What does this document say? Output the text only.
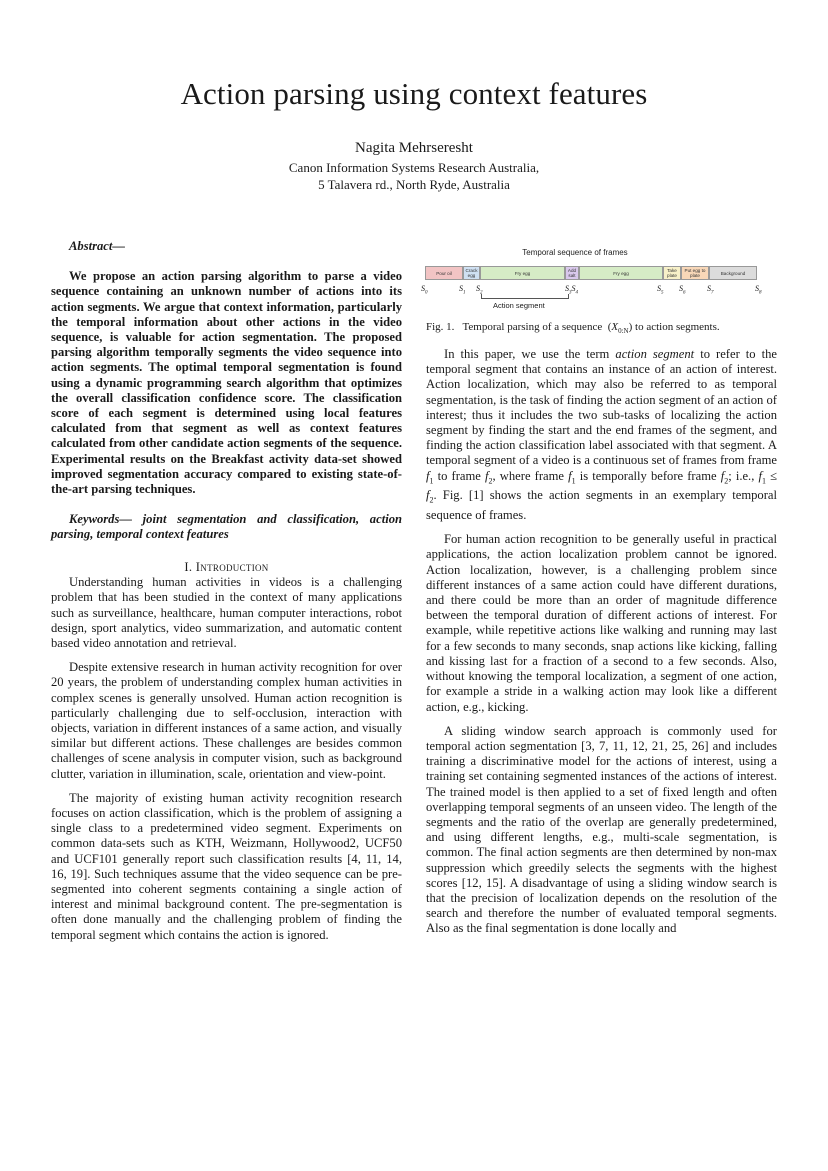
Action parsing using context features
Nagita Mehrseresht
Canon Information Systems Research Australia,
5 Talavera rd., North Ryde, Australia
Abstract—

We propose an action parsing algorithm to parse a video sequence containing an unknown number of actions into its action segments. We argue that context information, particularly the temporal information about other actions in the video sequence, is valuable for action segmentation. The proposed parsing algorithm temporally segments the video sequence into action segments. The optimal temporal segmentation is found using a dynamic programming search algorithm that optimizes the overall classification confidence score. The classification score of each segment is determined using local features calculated from that segment as well as context features calculated from other candidate action segments of the sequence. Experimental results on the Breakfast activity data-set showed improved segmentation accuracy compared to existing state-of-the-art parsing techniques.

Keywords— joint segmentation and classification, action parsing, temporal context features

I. Introduction

Understanding human activities in videos is a challenging problem that has been studied in the context of many applications such as surveillance, healthcare, human computer interactions, robot design, sport analytics, video summarization, and automatic content based video annotation and retrieval.

Despite extensive research in human activity recognition for over 20 years, the problem of understanding complex human activities in complex scenes is generally unsolved. Human action recognition is particularly challenging due to self-occlusion, interaction with objects, variation in different instances of a same action, and visually similar but different actions. These challenges are besides common challenges of scene analysis in computer vision, such as background clutter, variation in illumination, scale, orientation and view-point.

The majority of existing human activity recognition research focuses on action classification, which is the problem of assigning a single class to a predetermined video segment. Experiments on common data-sets such as KTH, Weizmann, Hollywood2, UCF50 and UCF101 generally report such classification results [4, 11, 14, 16, 19]. Such techniques assume that the video sequence can be pre-segmented into coherent segments containing a single action of interest and minimal background content. The pre-segmentation is often done manually and the challenging problem of finding the temporal segment which contains the action is ignored.

Temporal sequence of frames
Pour oil	Crack egg	Fry egg	Add salt	Fry egg	Take plate
Put egg to plate	Background
$S_0$
$S_1$
$S_2$
$S_3S_4$
$S_5$
$S_6$
$S_7$
$S_8$
Action segment
Fig. 1.   Temporal parsing of a sequence  $(X_{0:N})$ to action segments.

In this paper, we use the term action segment to refer to the temporal segment that contains an instance of an action of interest. Action localization, which may also be referred to as temporal segmentation, is the task of finding the action segment of an action of interest; thus it includes the two sub-tasks of localizing the action segment by finding the start and the end frames of the segment, and finding the action classification label associated with that segment. A temporal segment of a video is a continuous set of frames from frame $f_1$ to frame $f_2$, where frame $f_1$ is temporally before frame $f_2$; i.e., $f_1 \le f_2$. Fig. [1] shows the action segments in an exemplary temporal sequence of frames.

For human action recognition to be generally useful in practical applications, the action localization problem cannot be ignored. Action localization, however, is a challenging problem since different instances of a same action could have different durations, and there could be more than an order of magnitude difference between the temporal duration of different actions of interest. For example, while repetitive actions like walking and running may last for a few seconds to many seconds, snap actions like kicking, falling and kissing last for a fraction of a second to a few seconds. Also, without knowing the temporal localization, a segment of one action, for example a stride in a walking action may look like a different action, e.g., kicking.

A sliding window search approach is commonly used for temporal action segmentation [3, 7, 11, 12, 21, 25, 26] and includes training a discriminative model for the actions of interest, using a training set containing segmented instances of the actions of interest. The trained model is then applied to a set of fixed length and often overlapping temporal segments of an unseen video. The length of the segments and the ratio of the overlap are generally predetermined, and using different lengths, e.g., multi-scale segmentation, is common. The final action segments are then determined by non-max suppression which greedily selects the segments with the highest scores [12, 15]. A disadvantage of using a sliding window search is that the precision of localization depends on the resolution of the search and therefore the number of evaluated temporal segments. Also as the final segmentation is done locally and
